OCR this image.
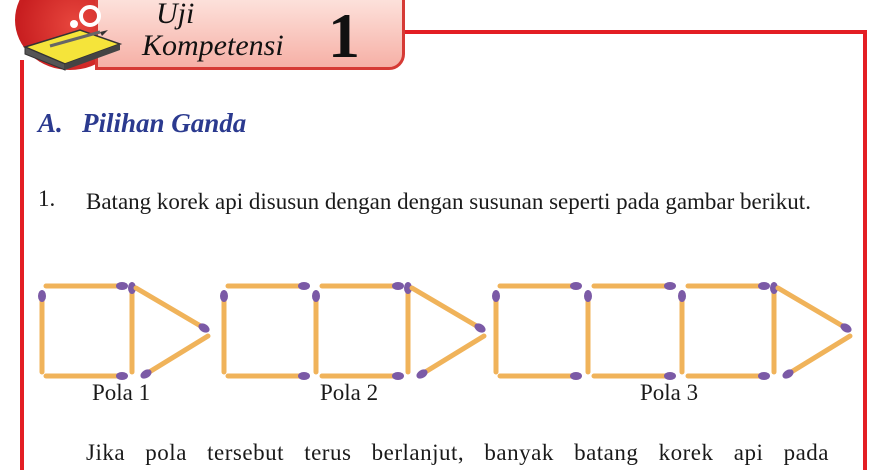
Uji
Kompetensi 1
A. Pilihan Ganda
1. Batang korek api disusun dengan dengan susunan seperti pada gambar berikut.
Pola 1	Pola 2	Pola 3
Jika pola tersebut terus berlanjut, banyak batang korek api pada
